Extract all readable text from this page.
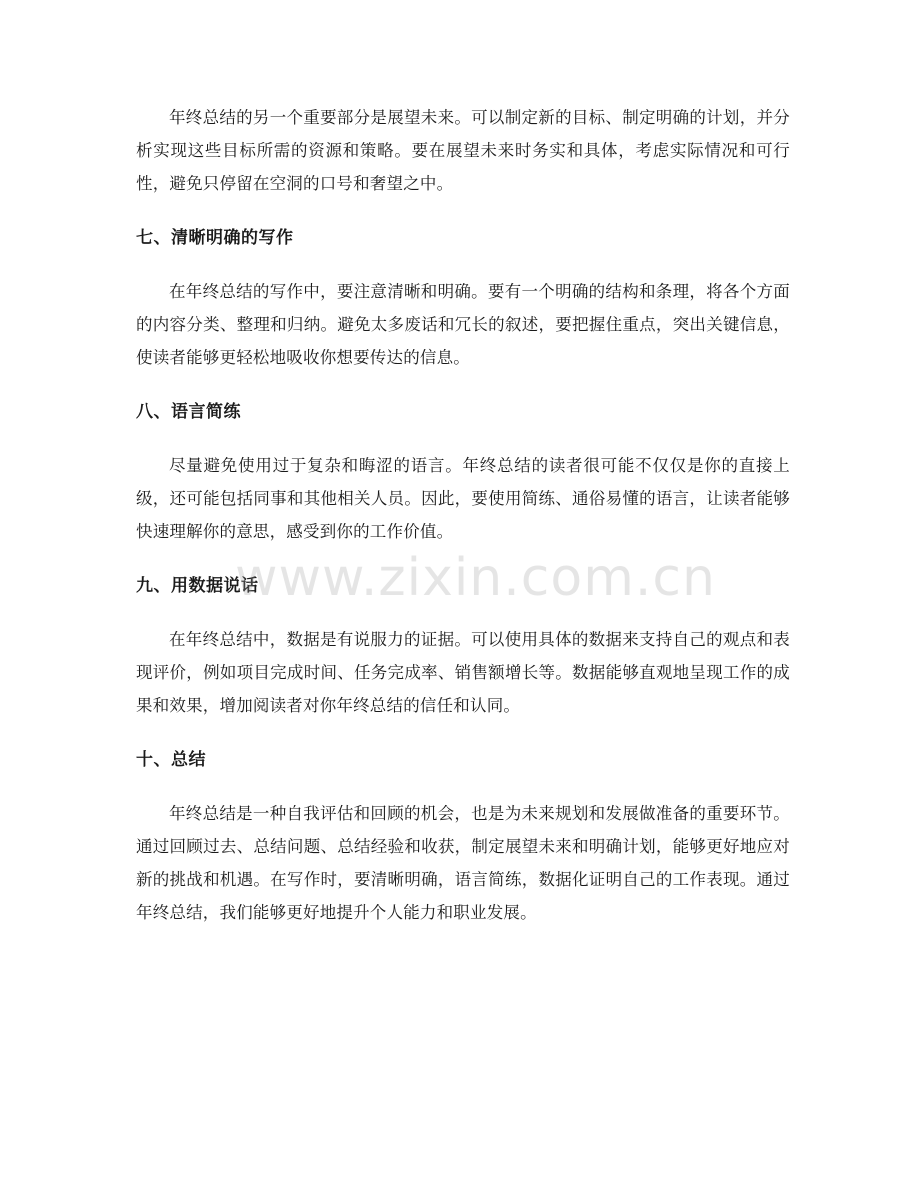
年终总结的另一个重要部分是展望未来。可以制定新的目标、制定明确的计划，并分析实现这些目标所需的资源和策略。要在展望未来时务实和具体，考虑实际情况和可行性，避免只停留在空洞的口号和奢望之中。

七、清晰明确的写作

在年终总结的写作中，要注意清晰和明确。要有一个明确的结构和条理，将各个方面的内容分类、整理和归纳。避免太多废话和冗长的叙述，要把握住重点，突出关键信息，使读者能够更轻松地吸收你想要传达的信息。

八、语言简练

尽量避免使用过于复杂和晦涩的语言。年终总结的读者很可能不仅仅是你的直接上级，还可能包括同事和其他相关人员。因此，要使用简练、通俗易懂的语言，让读者能够快速理解你的意思，感受到你的工作价值。

九、用数据说话

在年终总结中，数据是有说服力的证据。可以使用具体的数据来支持自己的观点和表现评价，例如项目完成时间、任务完成率、销售额增长等。数据能够直观地呈现工作的成果和效果，增加阅读者对你年终总结的信任和认同。

十、总结

年终总结是一种自我评估和回顾的机会，也是为未来规划和发展做准备的重要环节。通过回顾过去、总结问题、总结经验和收获，制定展望未来和明确计划，能够更好地应对新的挑战和机遇。在写作时，要清晰明确，语言简练，数据化证明自己的工作表现。通过年终总结，我们能够更好地提升个人能力和职业发展。

www.zixin.com.cn
